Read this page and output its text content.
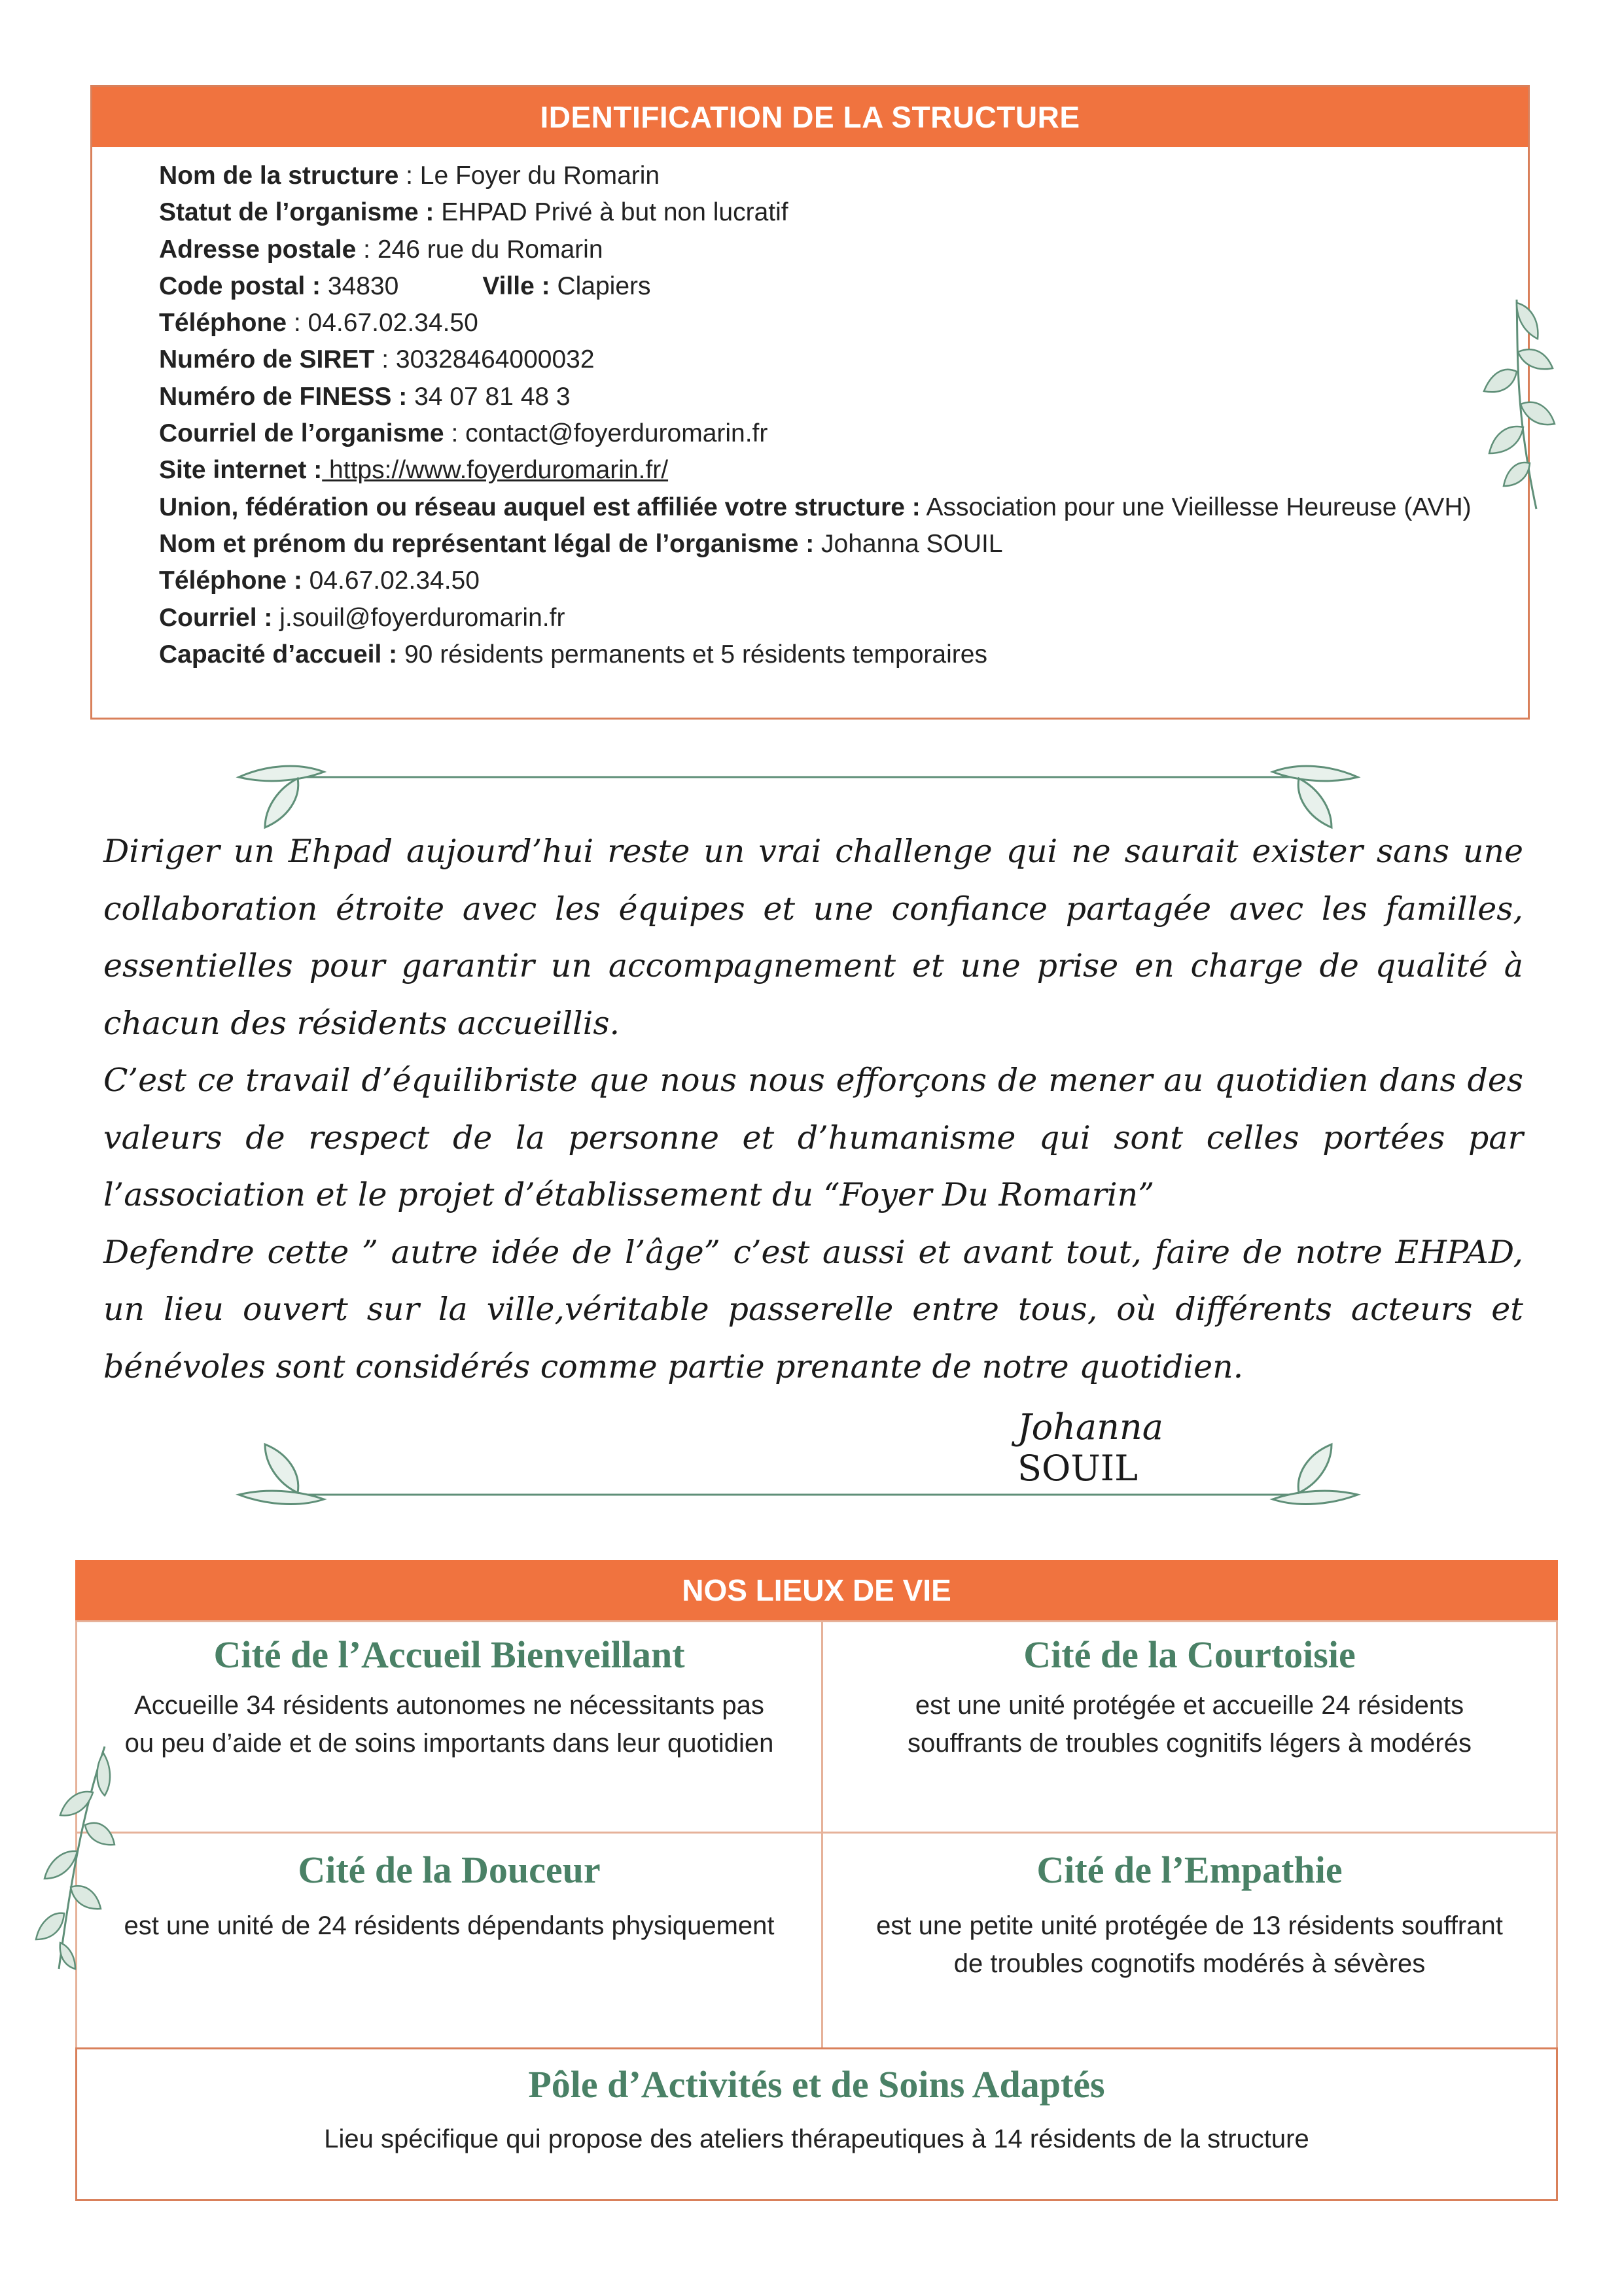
IDENTIFICATION DE LA STRUCTURE
Nom de la structure : Le Foyer du Romarin
Statut de l’organisme : EHPAD Privé à but non lucratif
Adresse postale : 246 rue du Romarin
Code postal : 34830	Ville : Clapiers
Téléphone : 04.67.02.34.50
Numéro de SIRET : 30328464000032
Numéro de FINESS : 34 07 81 48 3
Courriel de l’organisme : contact@foyerduromarin.fr
Site internet : https://www.foyerduromarin.fr/
Union, fédération ou réseau auquel est affiliée votre structure : Association pour une Vieillesse Heureuse (AVH)
Nom et prénom du représentant légal de l’organisme : Johanna SOUIL
Téléphone : 04.67.02.34.50
Courriel : j.souil@foyerduromarin.fr
Capacité d’accueil : 90 résidents permanents et 5 résidents temporaires

Diriger un Ehpad aujourd’hui reste un vrai challenge qui ne saurait exister sans une collaboration étroite avec les équipes et une confiance partagée avec les familles, essentielles pour garantir un accompagnement et une prise en charge de qualité à chacun des résidents accueillis.

C’est ce travail d’équilibriste que nous nous efforçons de mener au quotidien dans des valeurs de respect de la personne et d’humanisme qui sont celles portées par l’association et le projet d’établissement du “Foyer Du Romarin”

Defendre cette ” autre idée de l’âge” c’est aussi et avant tout, faire de notre EHPAD, un lieu ouvert sur la ville,véritable passerelle entre tous, où différents acteurs et bénévoles sont considérés comme partie prenante de notre quotidien.

Johanna SOUIL
NOS LIEUX DE VIE
Cité de l’Accueil Bienveillant
Accueille 34 résidents autonomes ne nécessitants pas ou peu d’aide et de soins importants dans leur quotidien
Cité de la Courtoisie
est une unité protégée et accueille 24 résidents souffrants de troubles cognitifs légers à modérés
Cité de la Douceur
est une unité de 24 résidents dépendants physiquement
Cité de l’Empathie
est une petite unité protégée de 13 résidents souffrant de troubles cognotifs modérés à sévères
Pôle d’Activités et de Soins Adaptés
Lieu spécifique qui propose des ateliers thérapeutiques à 14 résidents de la structure
